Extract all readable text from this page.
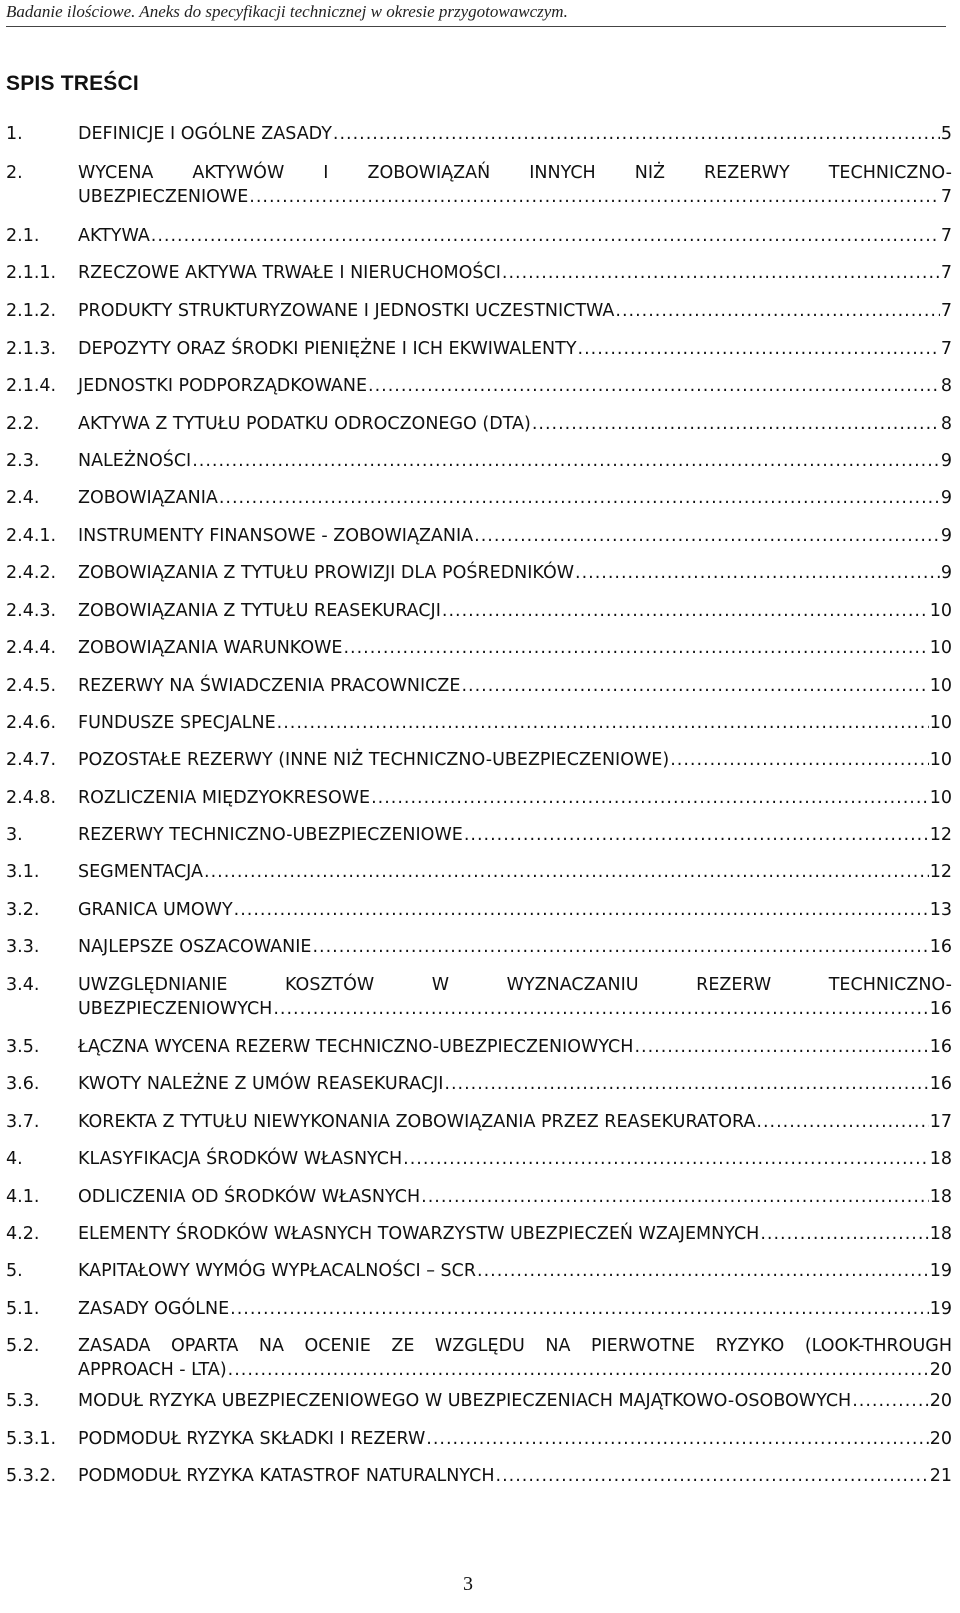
Badanie ilościowe. Aneks do specyfikacji technicznej w okresie przygotowawczym.
SPIS TREŚCI
1.	DEFINICJE I OGÓLNE ZASADY .....	5
2.	WYCENA AKTYWÓW I ZOBOWIĄZAŃ INNYCH NIŻ REZERWY TECHNICZNO-
UBEZPIECZENIOWE .....	7
2.1. AKTYWA .....	7
2.1.1. RZECZOWE AKTYWA TRWAŁE I NIERUCHOMOŚCI .....	7
2.1.2. PRODUKTY STRUKTURYZOWANE I JEDNOSTKI UCZESTNICTWA .....	7
2.1.3. DEPOZYTY ORAZ ŚRODKI PIENIĘŻNE I ICH EKWIWALENTY .....	7
2.1.4. JEDNOSTKI PODPORZĄDKOWANE .....	8
2.2. AKTYWA Z TYTUŁU PODATKU ODROCZONEGO (DTA) .....	8
2.3. NALEŻNOŚCI .....	9
2.4. ZOBOWIĄZANIA .....	9
2.4.1. INSTRUMENTY FINANSOWE - ZOBOWIĄZANIA .....	9
2.4.2. ZOBOWIĄZANIA Z TYTUŁU PROWIZJI DLA POŚREDNIKÓW .....	9
2.4.3. ZOBOWIĄZANIA Z TYTUŁU REASEKURACJI .....	10
2.4.4. ZOBOWIĄZANIA WARUNKOWE .....	10
2.4.5. REZERWY NA ŚWIADCZENIA PRACOWNICZE .....	10
2.4.6. FUNDUSZE SPECJALNE .....	10
2.4.7. POZOSTAŁE REZERWY (INNE NIŻ TECHNICZNO-UBEZPIECZENIOWE) .....	10
2.4.8. ROZLICZENIA MIĘDZYOKRESOWE .....	10
3.	REZERWY TECHNICZNO-UBEZPIECZENIOWE .....	12
3.1. SEGMENTACJA .....	12
3.2. GRANICA UMOWY .....	13
3.3. NAJLEPSZE OSZACOWANIE .....	16
3.4. UWZGLĘDNIANIE KOSZTÓW W WYZNACZANIU REZERW TECHNICZNO-
UBEZPIECZENIOWYCH .....	16
3.5. ŁĄCZNA WYCENA REZERW TECHNICZNO-UBEZPIECZENIOWYCH .....	16
3.6. KWOTY NALEŻNE Z UMÓW REASEKURACJI .....	16
3.7. KOREKTA Z TYTUŁU NIEWYKONANIA ZOBOWIĄZANIA PRZEZ REASEKURATORA .....	17
4.	KLASYFIKACJA ŚRODKÓW WŁASNYCH .....	18
4.1. ODLICZENIA OD ŚRODKÓW WŁASNYCH .....	18
4.2. ELEMENTY ŚRODKÓW WŁASNYCH TOWARZYSTW UBEZPIECZEŃ WZAJEMNYCH .....	18
5.	KAPITAŁOWY WYMÓG WYPŁACALNOŚCI – SCR .....	19
5.1. ZASADY OGÓLNE .....	19
5.2. ZASADA OPARTA NA OCENIE ZE WZGLĘDU NA PIERWOTNE RYZYKO (LOOK-THROUGH
APPROACH - LTA) .....	20
5.3. MODUŁ RYZYKA UBEZPIECZENIOWEGO W UBEZPIECZENIACH MAJĄTKOWO-OSOBOWYCH .....	20
5.3.1. PODMODUŁ RYZYKA SKŁADKI I REZERW .....	20
5.3.2. PODMODUŁ RYZYKA KATASTROF NATURALNYCH .....	21
3
